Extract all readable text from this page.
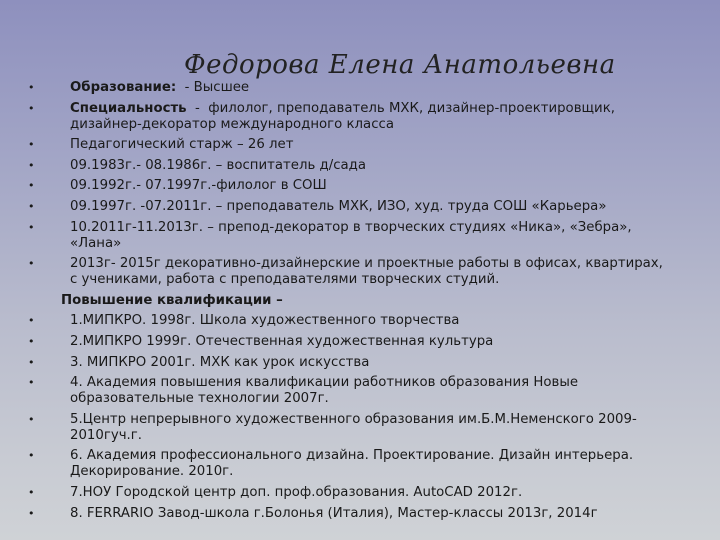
Федорова Елена Анатольевна
•	Образование:  - Высшее
•	Специальность  -  филолог, преподаватель МХК, дизайнер-проектировщик, дизайнер-декоратор международного класса
•	Педагогический старж – 26 лет
•	09.1983г.- 08.1986г. – воспитатель д/сада
•	09.1992г.- 07.1997г.-филолог в СОШ
•	09.1997г. -07.2011г. – преподаватель МХК, ИЗО, худ. труда СОШ «Карьера»
•	10.2011г-11.2013г. – препод-декоратор в творческих студиях «Ника», «Зебра», «Лана»
•	2013г- 2015г декоративно-дизайнерские и проектные работы в офисах, квартирах, с учениками, работа с преподавателями творческих студий.
Повышение квалификации –
•	1.МИПКРО. 1998г. Школа художественного творчества
•	2.МИПКРО 1999г. Отечественная художественная культура
•	3. МИПКРО 2001г. МХК как урок искусства
•	4. Академия повышения квалификации работников образования Новые образовательные технологии 2007г.
•	5.Центр непрерывного художественного образования им.Б.М.Неменского 2009-2010гуч.г.
•	6. Академия профессионального дизайна. Проектирование. Дизайн интерьера. Декорирование. 2010г.
•	7.НОУ Городской центр доп. проф.образования. AutoCAD 2012г.
•	8. FERRARIO Завод-школа г.Болонья (Италия), Мастер-классы 2013г, 2014г
